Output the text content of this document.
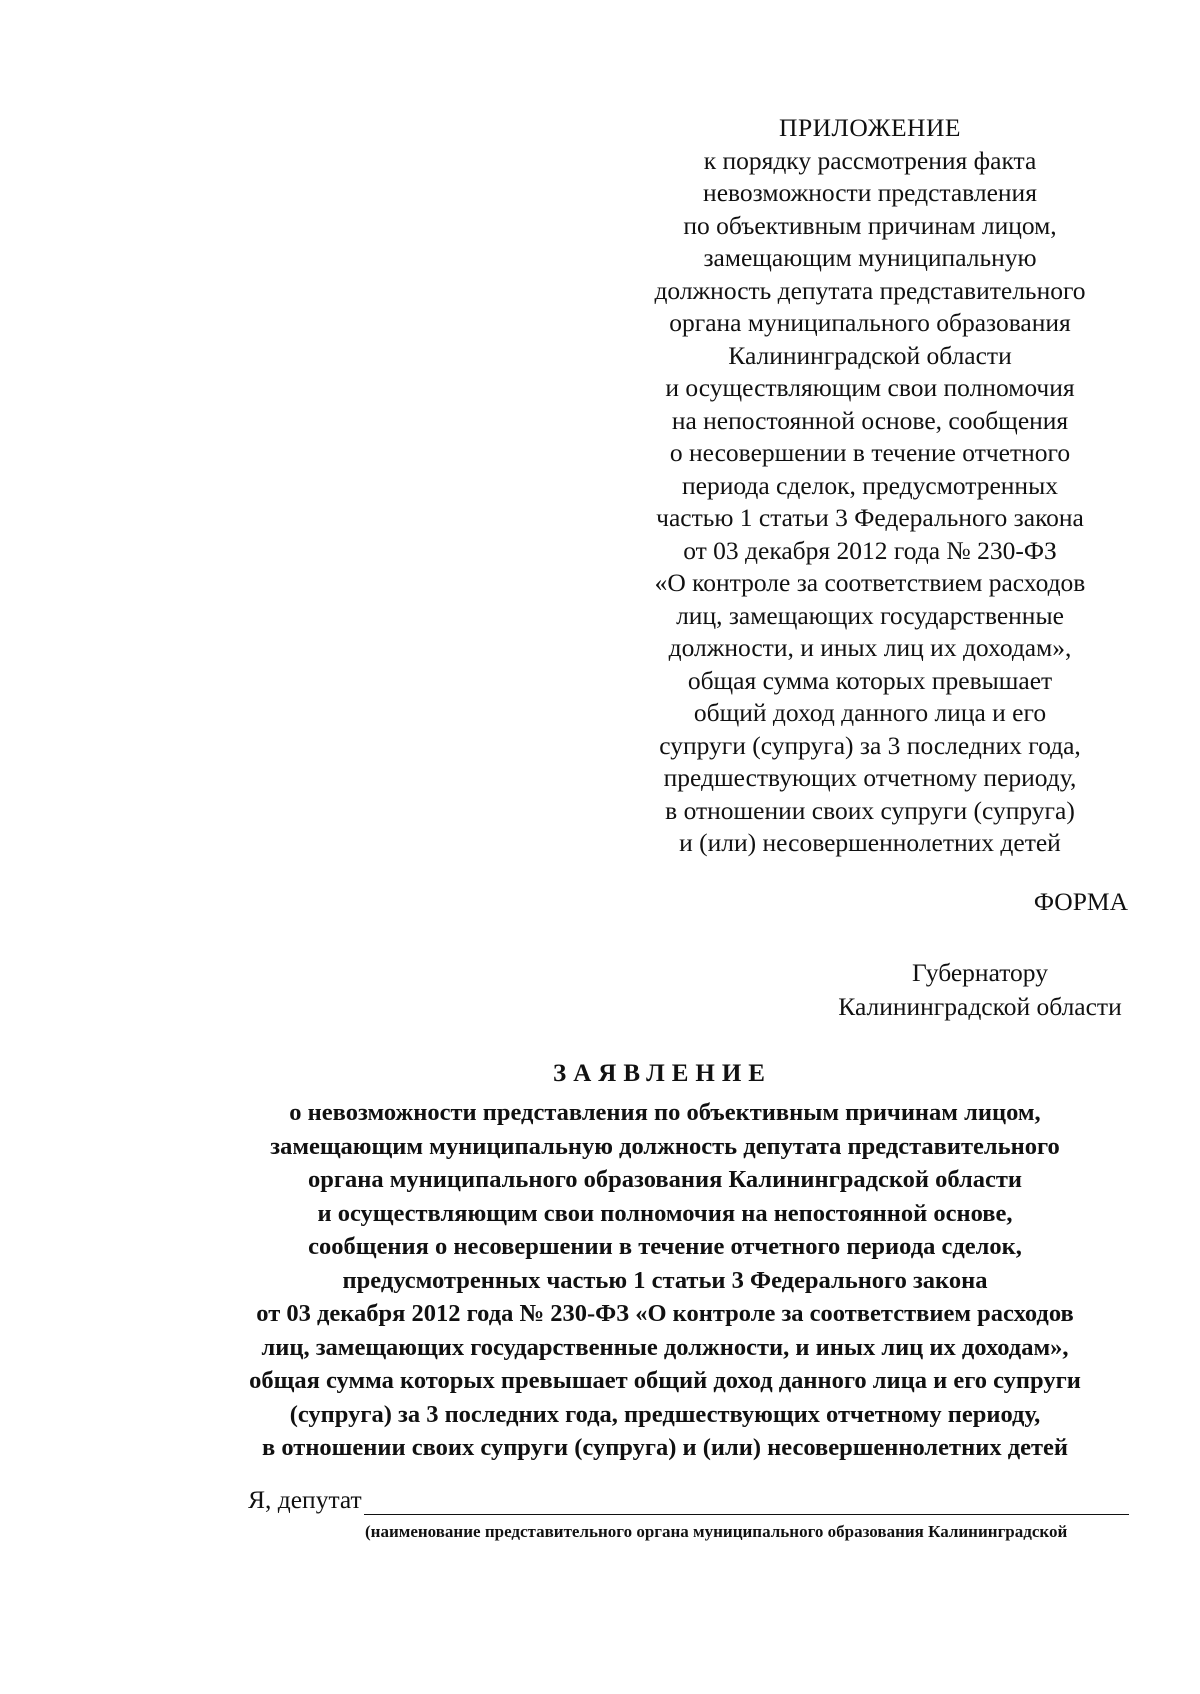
ПРИЛОЖЕНИЕ
к порядку рассмотрения факта
невозможности представления
по объективным причинам лицом,
замещающим муниципальную
должность депутата представительного
органа муниципального образования
Калининградской области
и осуществляющим свои полномочия
на непостоянной основе, сообщения
о несовершении в течение отчетного
периода сделок, предусмотренных
частью 1 статьи 3 Федерального закона
от 03 декабря 2012 года № 230-ФЗ
«О контроле за соответствием расходов
лиц, замещающих государственные
должности, и иных лиц их доходам»,
общая сумма которых превышает
общий доход данного лица и его
супруги (супруга) за 3 последних года,
предшествующих отчетному периоду,
в отношении своих супруги (супруга)
и (или) несовершеннолетних детей
ФОРМА
Губернатору
Калининградской области
ЗАЯВЛЕНИЕ
о невозможности представления по объективным причинам лицом,
замещающим муниципальную должность депутата представительного
органа муниципального образования Калининградской области
и осуществляющим свои полномочия на непостоянной основе,
сообщения о несовершении в течение отчетного периода сделок,
предусмотренных частью 1 статьи 3 Федерального закона
от 03 декабря 2012 года № 230-ФЗ «О контроле за соответствием расходов
лиц, замещающих государственные должности, и иных лиц их доходам»,
общая сумма которых превышает общий доход данного лица и его супруги
(супруга) за 3 последних года, предшествующих отчетному периоду,
в отношении своих супруги (супруга) и (или) несовершеннолетних детей
Я, депутат
(наименование представительного органа муниципального образования Калининградской
